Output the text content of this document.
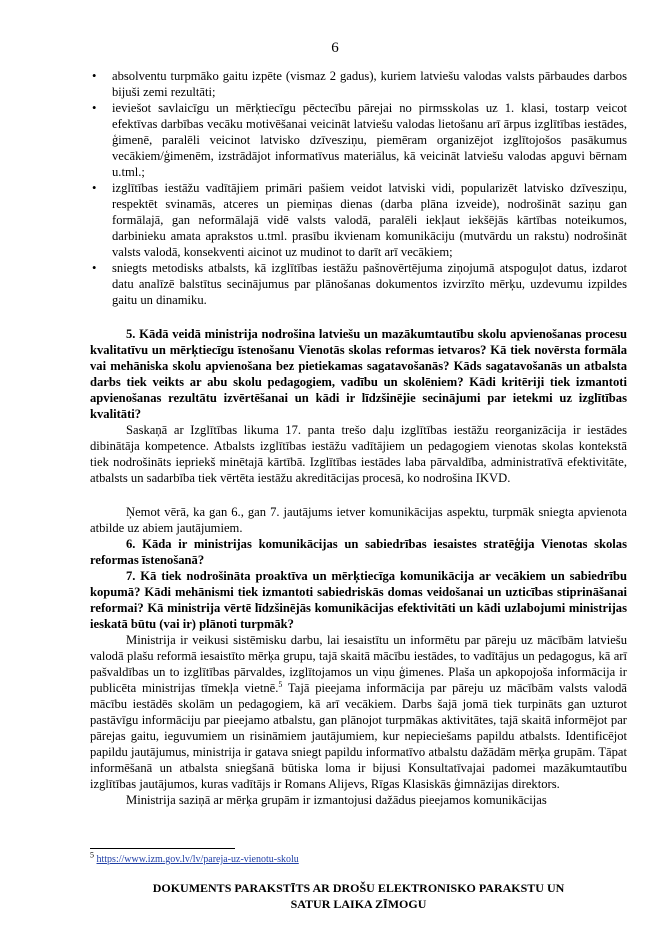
6
• absolventu turpmāko gaitu izpēte (vismaz 2 gadus), kuriem latviešu valodas valsts pārbaudes darbos bijuši zemi rezultāti;
• ieviešot savlaicīgu un mērķtiecīgu pēctecību pārejai no pirmsskolas uz 1. klasi, tostarp veicot efektīvas darbības vecāku motivēšanai veicināt latviešu valodas lietošanu arī ārpus izglītības iestādes, ģimenē, paralēli veicinot latvisko dzīvesziņu, piemēram organizējot izglītojošos pasākumus vecākiem/ģimenēm, izstrādājot informatīvus materiālus, kā veicināt latviešu valodas apguvi bērnam u.tml.;
• izglītības iestāžu vadītājiem primāri pašiem veidot latviski vidi, popularizēt latvisko dzīvesziņu, respektēt svinamās, atceres un piemiņas dienas (darba plāna izveide), nodrošināt saziņu gan formālajā, gan neformālajā vidē valsts valodā, paralēli iekļaut iekšējās kārtības noteikumos, darbinieku amata aprakstos u.tml. prasību ikvienam komunikāciju (mutvārdu un rakstu) nodrošināt valsts valodā, konsekventi aicinot uz mudinot to darīt arī vecākiem;
• sniegts metodisks atbalsts, kā izglītības iestāžu pašnovērtējuma ziņojumā atspoguļot datus, izdarot datu analīzē balstītus secinājumus par plānošanas dokumentos izvirzīto mērķu, uzdevumu izpildes gaitu un dinamiku.

5. Kādā veidā ministrija nodrošina latviešu un mazākumtautību skolu apvienošanas procesu kvalitatīvu un mērķtiecīgu īstenošanu Vienotās skolas reformas ietvaros? Kā tiek novērsta formāla vai mehāniska skolu apvienošana bez pietiekamas sagatavošanās? Kāds sagatavošanās un atbalsta darbs tiek veikts ar abu skolu pedagogiem, vadību un skolēniem? Kādi kritēriji tiek izmantoti apvienošanas rezultātu izvērtēšanai un kādi ir līdzšinējie secinājumi par ietekmi uz izglītības kvalitāti?

Saskaņā ar Izglītības likuma 17. panta trešo daļu izglītības iestāžu reorganizācija ir iestādes dibinātāja kompetence. Atbalsts izglītības iestāžu vadītājiem un pedagogiem vienotas skolas kontekstā tiek nodrošināts iepriekš minētajā kārtībā. Izglītības iestādes laba pārvaldība, administratīvā efektivitāte, atbalsts un sadarbība tiek vērtēta iestāžu akreditācijas procesā, ko nodrošina IKVD.

Ņemot vērā, ka gan 6., gan 7. jautājums ietver komunikācijas aspektu, turpmāk sniegta apvienota atbilde uz abiem jautājumiem.

6. Kāda ir ministrijas komunikācijas un sabiedrības iesaistes stratēģija Vienotas skolas reformas īstenošanā?

7. Kā tiek nodrošināta proaktīva un mērķtiecīga komunikācija ar vecākiem un sabiedrību kopumā? Kādi mehānismi tiek izmantoti sabiedriskās domas veidošanai un uzticības stiprināšanai reformai? Kā ministrija vērtē līdzšinējās komunikācijas efektivitāti un kādi uzlabojumi ministrijas ieskatā būtu (vai ir) plānoti turpmāk?

Ministrija ir veikusi sistēmisku darbu, lai iesaistītu un informētu par pāreju uz mācībām latviešu valodā plašu reformā iesaistīto mērķa grupu, tajā skaitā mācību iestādes, to vadītājus un pedagogus, kā arī pašvaldības un to izglītības pārvaldes, izglītojamos un viņu ģimenes. Plaša un apkopojoša informācija ir publicēta ministrijas tīmekļa vietnē.$^5$ Tajā pieejama informācija par pāreju uz mācībām valsts valodā mācību iestādēs skolām un pedagogiem, kā arī vecākiem. Darbs šajā jomā tiek turpināts gan uzturot pastāvīgu informāciju par pieejamo atbalstu, gan plānojot turpmākas aktivitātes, tajā skaitā informējot par pārejas gaitu, ieguvumiem un risināmiem jautājumiem, kur nepieciešams papildu atbalsts. Identificējot papildu jautājumus, ministrija ir gatava sniegt papildu informatīvo atbalstu dažādām mērķa grupām. Tāpat informēšanā un atbalsta sniegšanā būtiska loma ir bijusi Konsultatīvajai padomei mazākumtautību izglītības jautājumos, kuras vadītājs ir Romans Alijevs, Rīgas Klasiskās ģimnāzijas direktors.

Ministrija saziņā ar mērķa grupām ir izmantojusi dažādus pieejamos komunikācijas

$^5$ https://www.izm.gov.lv/lv/pareja-uz-vienotu-skolu
DOKUMENTS PARAKSTĪTS AR DROŠU ELEKTRONISKO PARAKSTU UN
SATUR LAIKA ZĪMOGU
